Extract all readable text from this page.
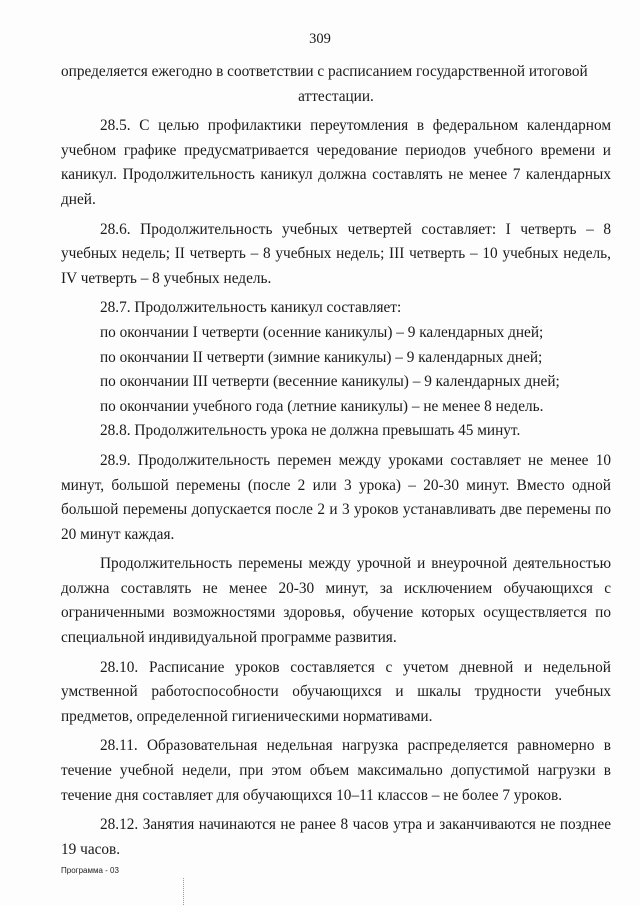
309

определяется ежегодно в соответствии с расписанием государственной итоговой

аттестации.

28.5. С целью профилактики переутомления в федеральном календарном учебном графике предусматривается чередование периодов учебного времени и каникул. Продолжительность каникул должна составлять не менее 7 календарных дней.

28.6. Продолжительность учебных четвертей составляет: I четверть – 8 учебных недель; II четверть – 8 учебных недель; III четверть – 10 учебных недель, IV четверть – 8 учебных недель.

28.7. Продолжительность каникул составляет:

по окончании I четверти (осенние каникулы) – 9 календарных дней;

по окончании II четверти (зимние каникулы) – 9 календарных дней;

по окончании III четверти (весенние каникулы) – 9 календарных дней;

по окончании учебного года (летние каникулы) – не менее 8 недель.

28.8. Продолжительность урока не должна превышать 45 минут.

28.9. Продолжительность перемен между уроками составляет не менее 10 минут, большой перемены (после 2 или 3 урока) – 20-30 минут. Вместо одной большой перемены допускается после 2 и 3 уроков устанавливать две перемены по 20 минут каждая.

Продолжительность перемены между урочной и внеурочной деятельностью должна составлять не менее 20-30 минут, за исключением обучающихся с ограниченными возможностями здоровья, обучение которых осуществляется по специальной индивидуальной программе развития.

28.10. Расписание уроков составляется с учетом дневной и недельной умственной работоспособности обучающихся и шкалы трудности учебных предметов, определенной гигиеническими нормативами.

28.11. Образовательная недельная нагрузка распределяется равномерно в течение учебной недели, при этом объем максимально допустимой нагрузки в течение дня составляет для обучающихся 10–11 классов – не более 7 уроков.

28.12. Занятия начинаются не ранее 8 часов утра и заканчиваются не позднее 19 часов.

Программа - 03
